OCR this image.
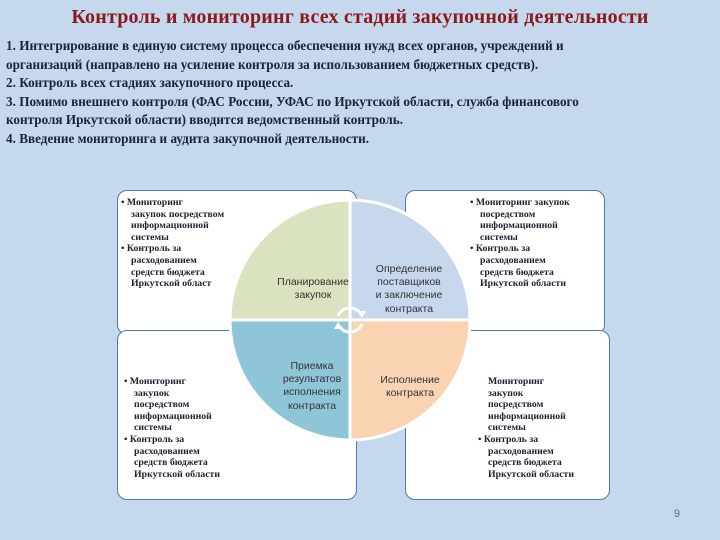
Контроль и мониторинг всех стадий закупочной деятельности

1. Интегрирование в единую систему процесса обеспечения нужд всех органов, учреждений и

организаций (направлено на усиление контроля за использованием бюджетных средств).

2. Контроль всех стадиях закупочного процесса.

3. Помимо внешнего контроля (ФАС России, УФАС по Иркутской области, служба финансового

контроля Иркутской области) вводится ведомственный контроль.

4. Введение мониторинга и аудита закупочной деятельности.

Планирование
закупок
Определение
поставщиков
и заключение
контракта
Приемка
результатов
исполнения
контракта
Исполнение
контракта
• Мониторинг
закупок посредством
информационной
системы
• Контроль за
расходованием
средств бюджета
Иркутской област
• Мониторинг закупок
посредством
информационной
системы
• Контроль за
расходованием
средств бюджета
Иркутской области
• Мониторинг
закупок
посредством
информационной
системы
• Контроль за
расходованием
средств бюджета
Иркутской области
Мониторинг
закупок
посредством
информационной
системы
• Контроль за
расходованием
средств бюджета
Иркутской области
9
